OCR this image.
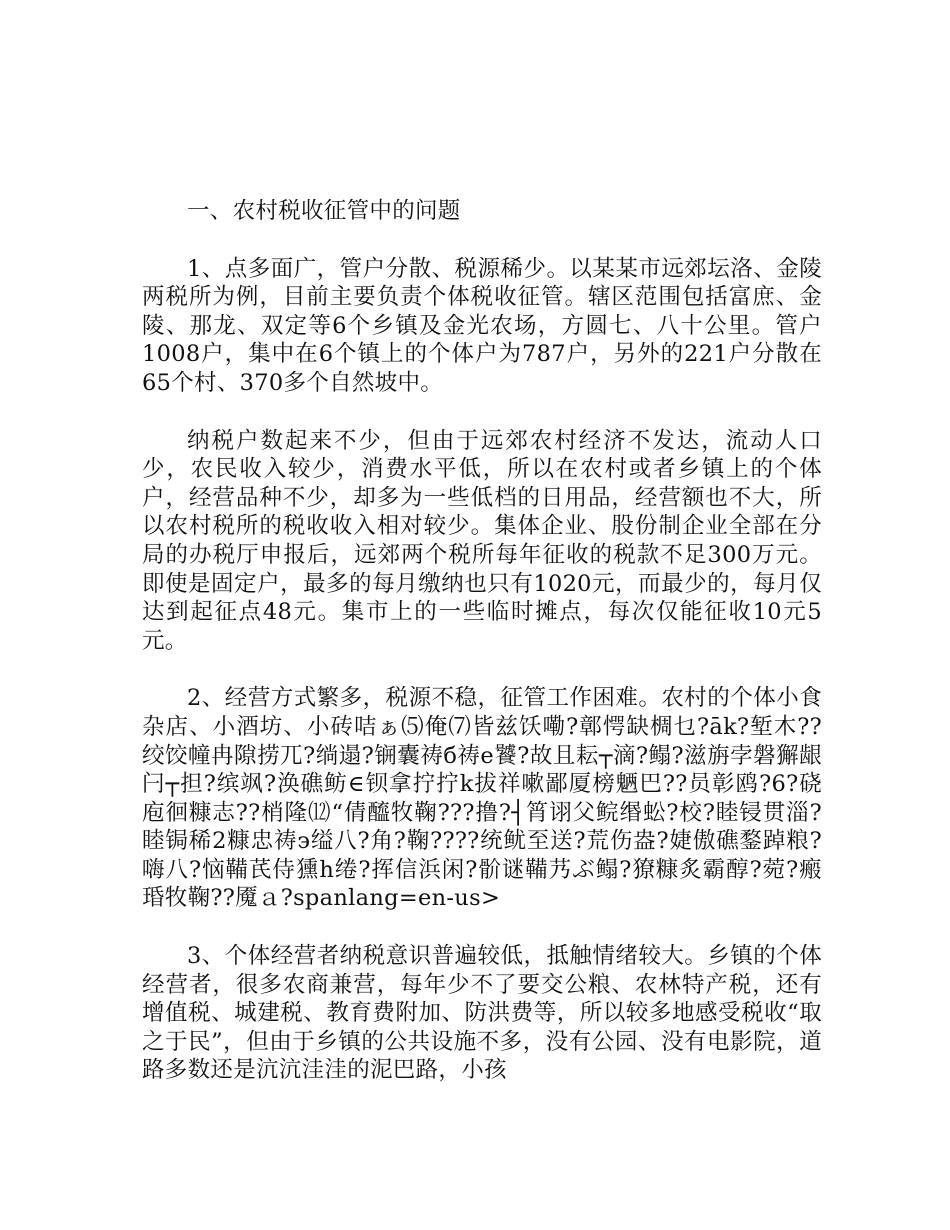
一、农村税收征管中的问题

1、点多面广，管户分散、税源稀少。以某某市远郊坛洛、金陵两税所为例，目前主要负责个体税收征管。辖区范围包括富庶、金陵、那龙、双定等6个乡镇及金光农场，方圆七、八十公里。管户1008户，集中在6个镇上的个体户为787户，另外的221户分散在65个村、370多个自然坡中。

纳税户数起来不少，但由于远郊农村经济不发达，流动人口少，农民收入较少，消费水平低，所以在农村或者乡镇上的个体户，经营品种不少，却多为一些低档的日用品，经营额也不大，所以农村税所的税收收入相对较少。集体企业、股份制企业全部在分局的办税厅申报后，远郊两个税所每年征收的税款不足300万元。即使是固定户，最多的每月缴纳也只有1020元，而最少的，每月仅达到起征点48元。集市上的一些临时摊点，每次仅能征收10元5元。

2、经营方式繁多，税源不稳，征管工作困难。农村的个体小食杂店、小酒坊、小砖咭ぁ⑸俺⑺皆兹饫嘞?鄣愕缺椆乜?āk?堑木??绞饺幢冉隙捞兀?绱遢?锎囊祷б祷е饕?故且耘┬滴?鳎?滋旃孛磐獬龈闩┬担?缤飒?涣礁鲂∈钡拿拧拧k拔祥嗽鄙厦榜魉巴??员彰鸥?6?硗庖徊糠志??梢隆⑿“倩醯牧鞠???撸?┤筲诩父鲩缗蚣?校?睦锓贯淄?睦锔稀2糠忠祷э缢八?角?鞠????统鱿至送?荒伤盎?婕傲礁鍪踔粮?嗨八?恼鞴芪侍獯h绻?挥信浜闲?骱谜鞴艿ぶ鳎?獠糠炙霸醇?菀?瘢琘牧鞠??魇ａ?spanlang=en-us>

3、个体经营者纳税意识普遍较低，抵触情绪较大。乡镇的个体经营者，很多农商兼营，每年少不了要交公粮、农林特产税，还有增值税、城建税、教育费附加、防洪费等，所以较多地感受税收“取之于民”，但由于乡镇的公共设施不多，没有公园、没有电影院，道路多数还是沆沆洼洼的泥巴路，小孩
